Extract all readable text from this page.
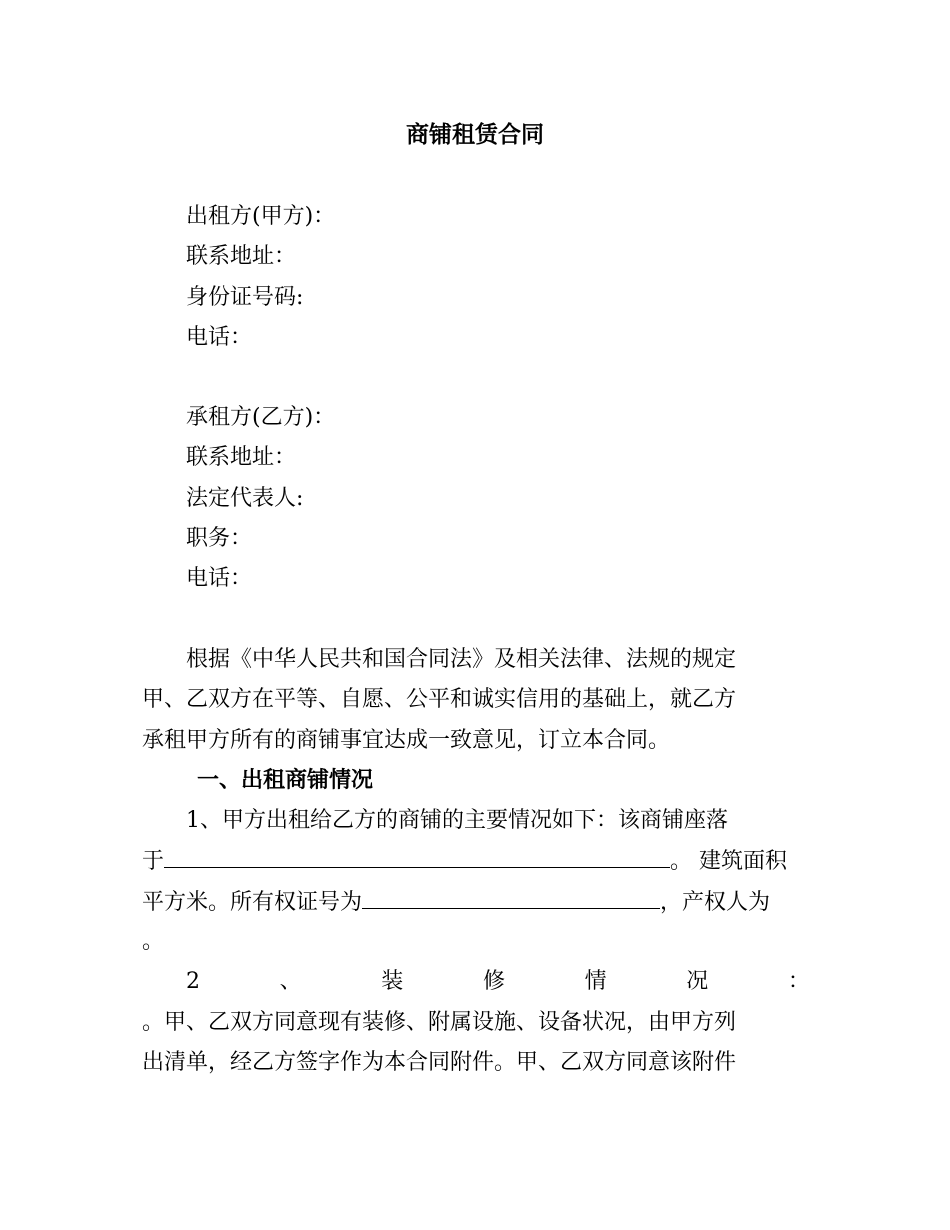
商铺租赁合同
出租方(甲方)：
联系地址：
身份证号码:
电话：
承租方(乙方)：
联系地址：
法定代表人:
职务：
电话：
根据《中华人民共和国合同法》及相关法律、法规的规定
甲、乙双方在平等、自愿、公平和诚实信用的基础上，就乙方
承租甲方所有的商铺事宜达成一致意见，订立本合同。
一、出租商铺情况
1、甲方出租给乙方的商铺的主要情况如下：该商铺座落
于	。 建筑面积
平方米。所有权证号为	，产权人为
。
2	、	装	修	情	况	：
。甲、乙双方同意现有装修、附属设施、设备状况，由甲方列
出清单，经乙方签字作为本合同附件。甲、乙双方同意该附件
